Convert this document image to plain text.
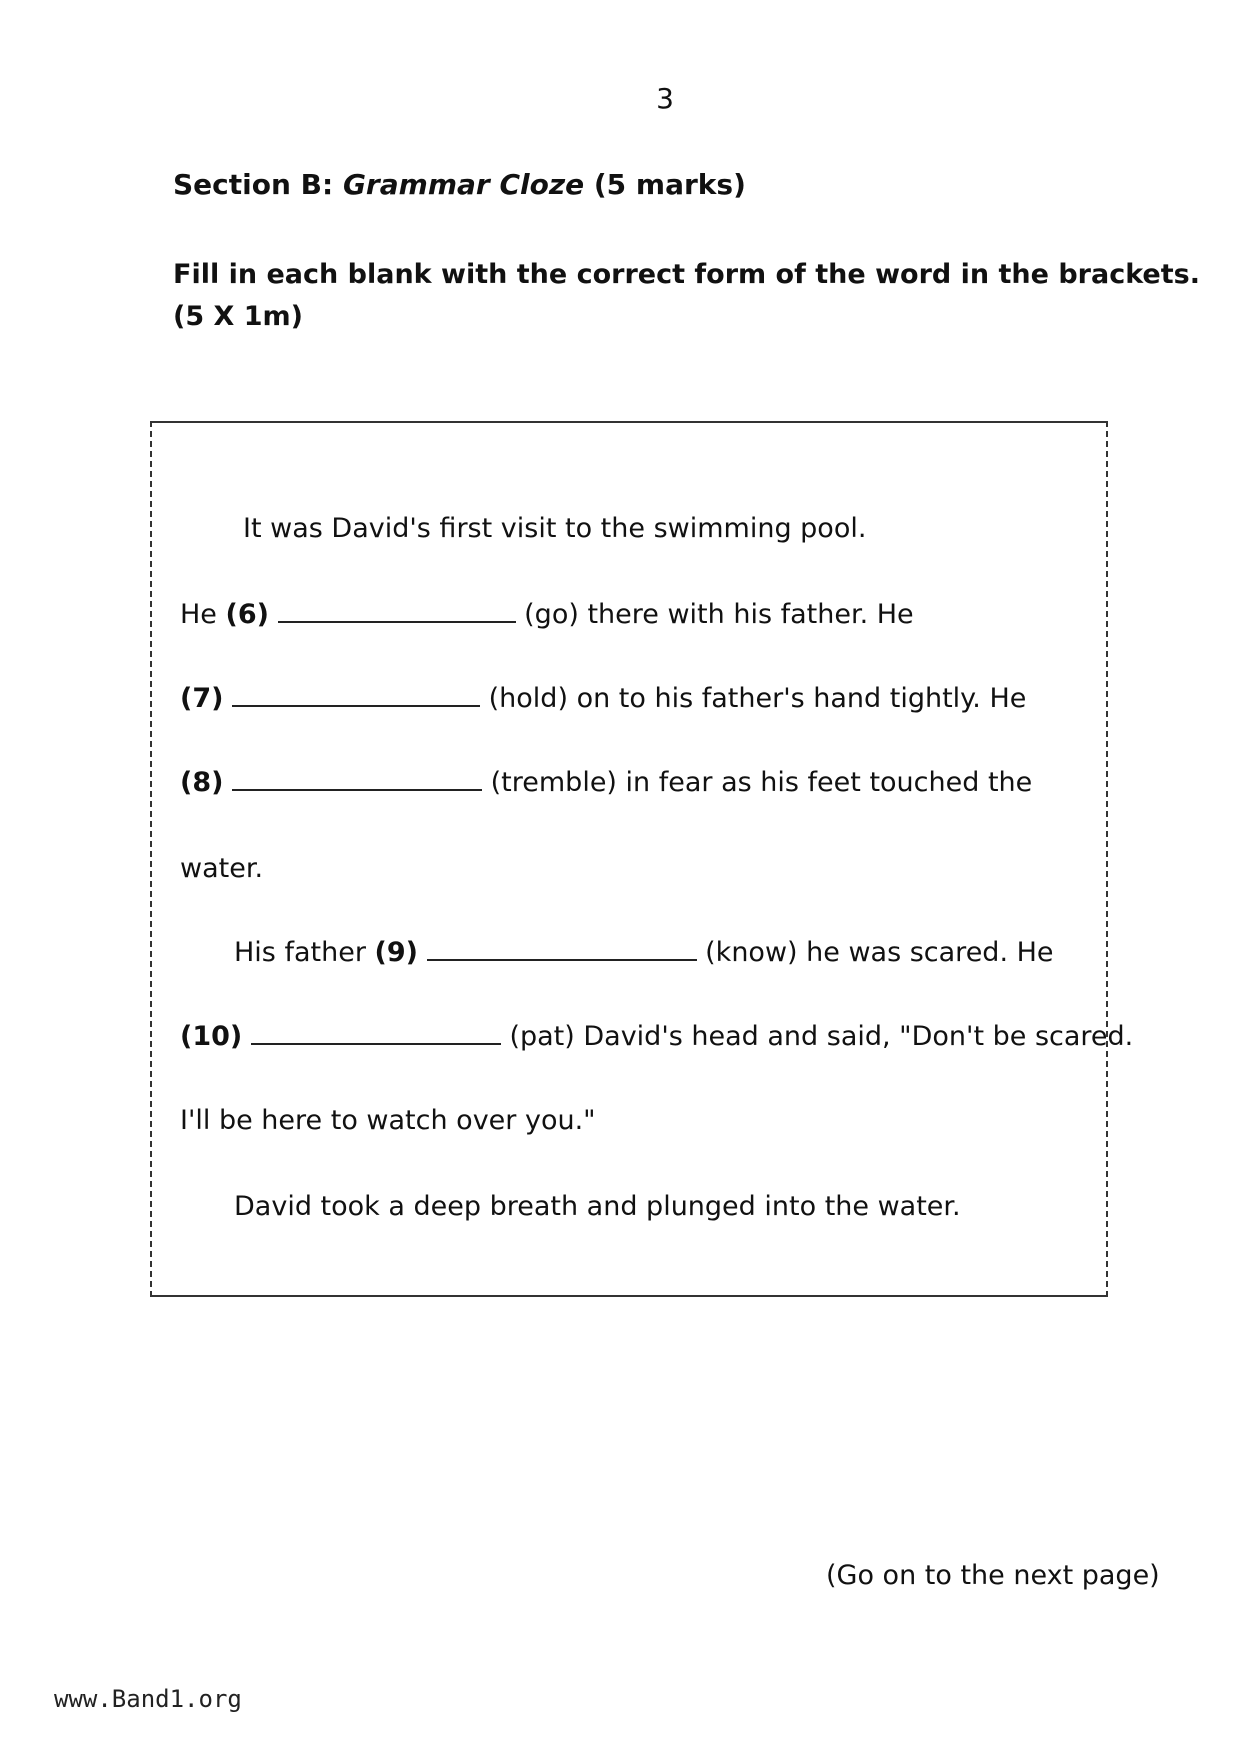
3
Section B: Grammar Cloze (5 marks)
Fill in each blank with the correct form of the word in the brackets.
(5 X 1m)
It was David's first visit to the swimming pool.
He (6)	(go) there with his father. He
(7)	(hold) on to his father's hand tightly. He
(8)	(tremble) in fear as his feet touched the
water.
His father (9)	(know) he was scared. He
(10)	(pat) David's head and said, "Don't be scared.
I'll be here to watch over you."
David took a deep breath and plunged into the water.
(Go on to the next page)
www.Band1.org
